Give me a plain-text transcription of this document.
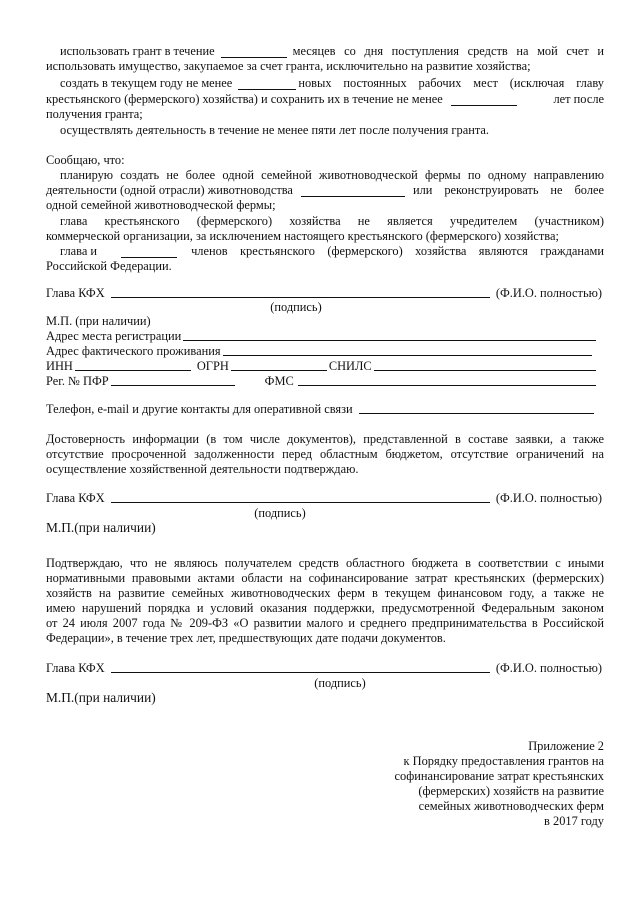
использовать грант в течение	месяцев со дня поступления средств на мой счет и
использовать имущество, закупаемое за счет гранта, исключительно на развитие хозяйства;
создать в текущем году не менее	новых постоянных рабочих мест (исключая главу
крестьянского (фермерского) хозяйства) и сохранить их в течение не менее	лет после
получения гранта;
осуществлять деятельность в течение не менее пяти лет после получения гранта.
Сообщаю, что:
планирую создать не более одной семейной животноводческой фермы по одному направлению
деятельности (одной отрасли) животноводства	или реконструировать не более
одной семейной животноводческой фермы;
глава крестьянского (фермерского) хозяйства не является учредителем (участником)
коммерческой организации, за исключением настоящего крестьянского (фермерского) хозяйства;
глава и	членов крестьянского (фермерского) хозяйства являются гражданами
Российской Федерации.
Глава КФХ	(Ф.И.О. полностью)
(подпись)
М.П. (при наличии)
Адрес места регистрации
Адрес фактического проживания
ИНН	ОГРН	СНИЛС
Рег. № ПФР	ФМС
Телефон, e-mail и другие контакты для оперативной связи
Достоверность информации (в том числе документов), представленной в составе заявки, а также
отсутствие просроченной задолженности перед областным бюджетом, отсутствие ограничений на
осуществление хозяйственной деятельности подтверждаю.
Глава КФХ	(Ф.И.О. полностью)
(подпись)
М.П.(при наличии)
Подтверждаю, что не являюсь получателем средств областного бюджета в соответствии с иными
нормативными правовыми актами области на софинансирование затрат крестьянских (фермерских)
хозяйств на развитие семейных животноводческих ферм в текущем финансовом году, а также не
имею нарушений порядка и условий оказания поддержки, предусмотренной Федеральным законом
от 24 июля 2007 года № 209-ФЗ «О развитии малого и среднего предпринимательства в Российской
Федерации», в течение трех лет, предшествующих дате подачи документов.
Глава КФХ	(Ф.И.О. полностью)
(подпись)
М.П.(при наличии)
Приложение 2
к Порядку предоставления грантов на
софинансирование затрат крестьянских
(фермерских) хозяйств на развитие
семейных животноводческих ферм
в 2017 году
